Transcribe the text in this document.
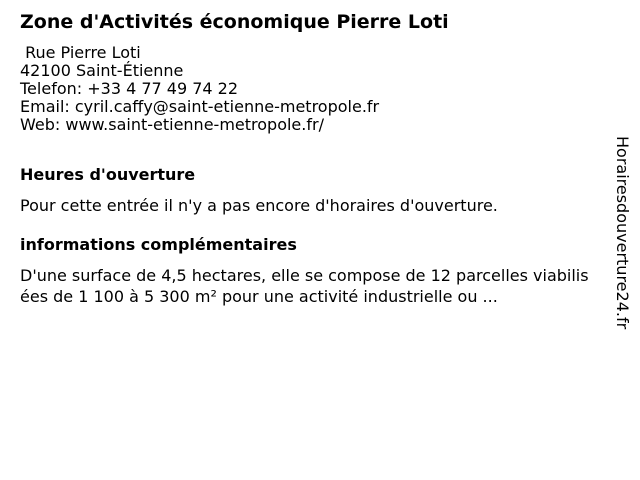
Zone d'Activités économique Pierre Loti
Rue Pierre Loti
42100 Saint-Étienne
Telefon: +33 4 77 49 74 22
Email: cyril.caffy@saint-etienne-metropole.fr
Web: www.saint-etienne-metropole.fr/
Heures d'ouverture
Pour cette entrée il n'y a pas encore d'horaires d'ouverture.
informations complémentaires
D'une surface de 4,5 hectares, elle se compose de 12 parcelles viabilisées de 1 100 à 5 300 m² pour une activité industrielle ou ...	Horairesdouverture24.fr
